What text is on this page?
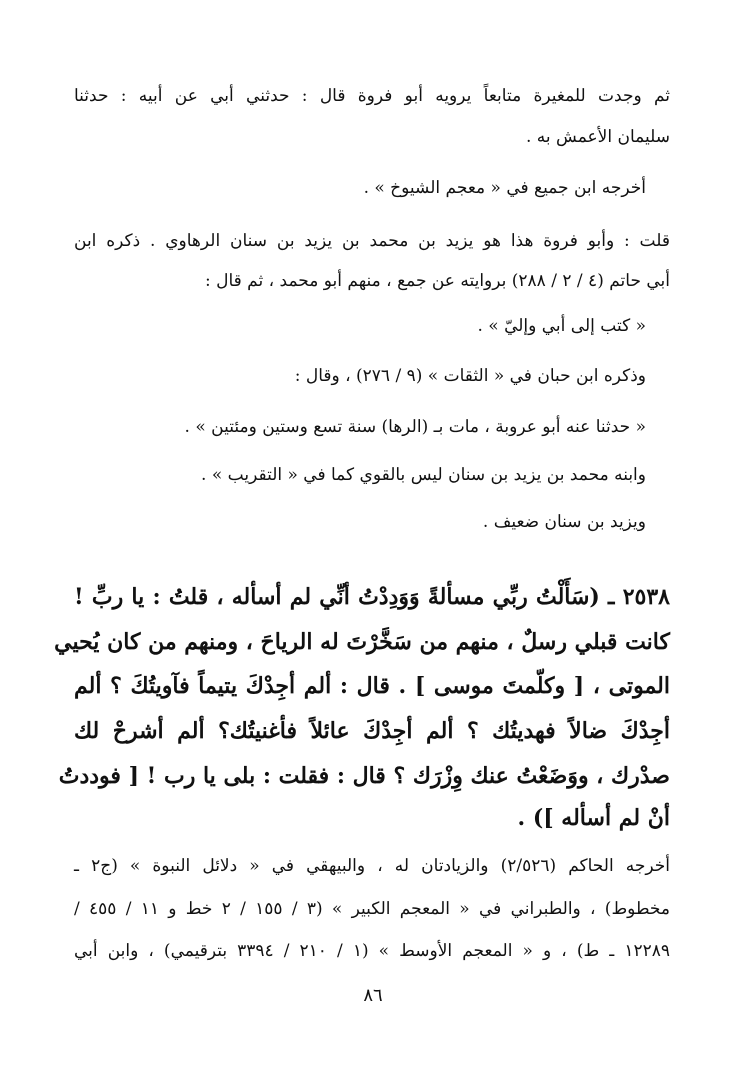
ثم وجدت للمغيرة متابعاً يرويه أبو فروة قال : حدثني أبي عن أبيه : حدثنا
سليمان الأعمش به .
أخرجه ابن جميع في « معجم الشيوخ » .
قلت : وأبو فروة هذا هو يزيد بن محمد بن يزيد بن سنان الرهاوي . ذكره ابن
أبي حاتم (٤ / ٢ / ٢٨٨) بروايته عن جمع ، منهم أبو محمد ، ثم قال :
« كتب إلى أبي وإليّ » .
وذكره ابن حبان في « الثقات » (٩ / ٢٧٦) ، وقال :
« حدثنا عنه أبو عروبة ، مات بـ (الرها) سنة تسع وستين ومئتين » .
وابنه محمد بن يزيد بن سنان ليس بالقوي كما في « التقريب » .
ويزيد بن سنان ضعيف .
٢٥٣٨ ـ (سَأَلْتُ ربِّي مسألةً وَوَدِدْتُ أنِّي لم أسأله ، قلتُ : يا ربِّ !
كانت قبلي رسلٌ ، منهم من سَخَّرْتَ له الرياحَ ، ومنهم من كان يُحيي
الموتى ، [ وكلّمتَ موسى ] . قال : ألم أجِدْكَ يتيماً فآويتُكَ ؟ ألم
أجِدْكَ ضالاً فهديتُك ؟ ألم أجِدْكَ عائلاً فأغنيتُك؟ ألم أشرحْ لك
صدْرك ، ووَضَعْتُ عنك وِزْرَك ؟ قال : فقلت : بلى يا رب ! [ فوددتُ
أنْ لم أسأله ]) .
أخرجه الحاكم (٢/٥٢٦) والزيادتان له ، والبيهقي في « دلائل النبوة » (ج٢ ـ
مخطوط) ، والطبراني في « المعجم الكبير » (٣ / ١٥٥ / ٢ خط و ١١ / ٤٥٥ /
١٢٢٨٩ ـ ط) ، و « المعجم الأوسط » (١ / ٢١٠ / ٣٣٩٤ بترقيمي) ، وابن أبي
٨٦
